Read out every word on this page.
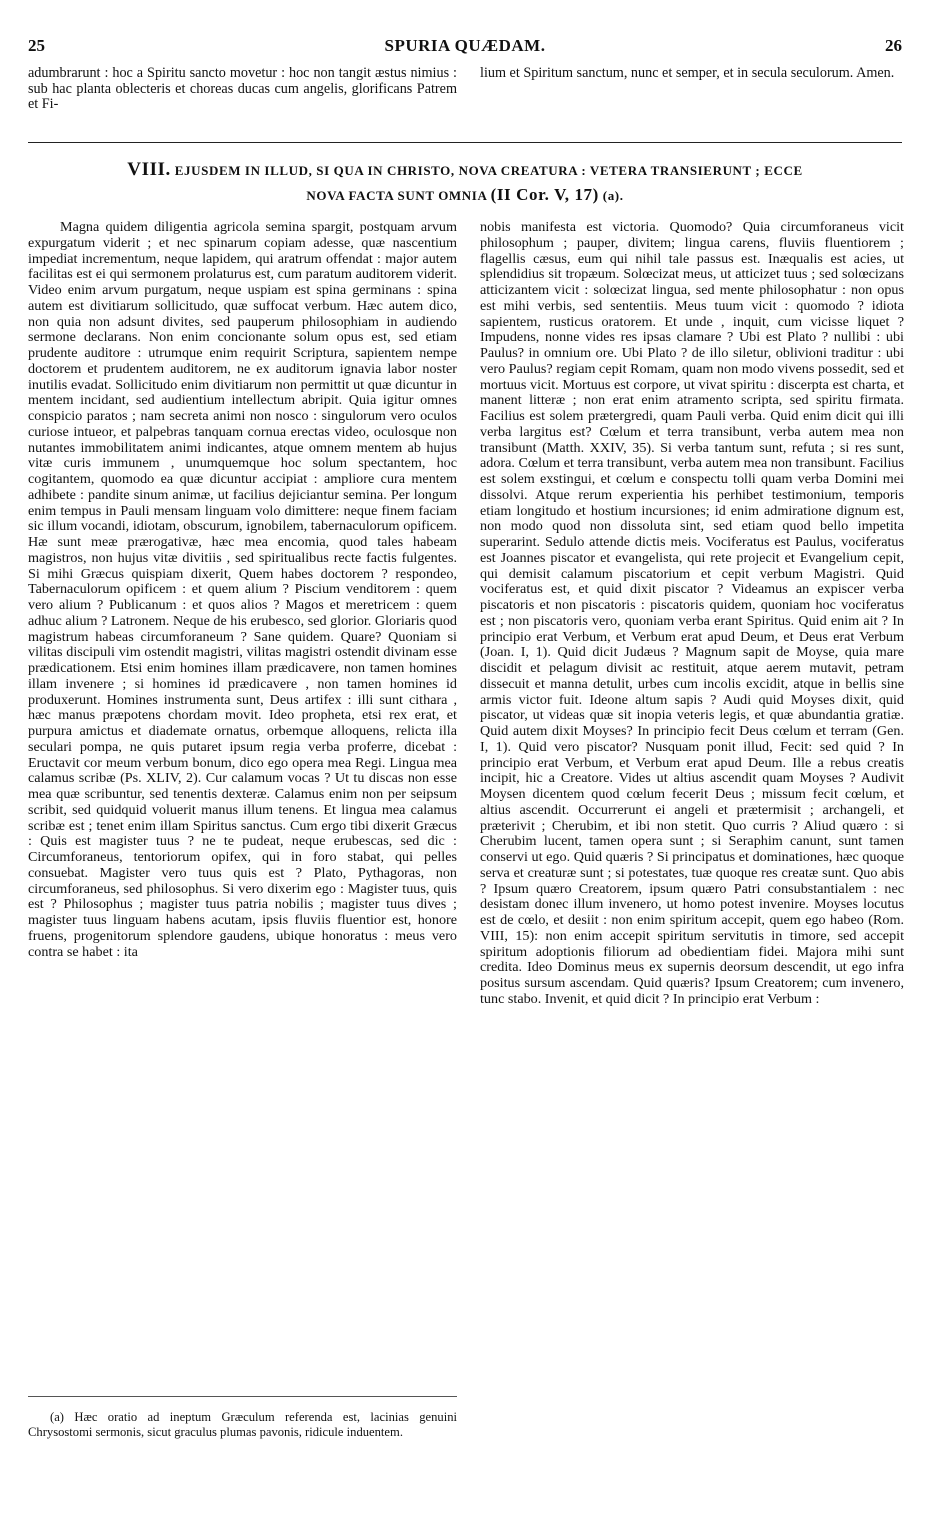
25	SPURIA QUÆDAM.	26

adumbrarunt : hoc a Spiritu sancto movetur : hoc non tangit æstus nimius : sub hac planta oblecteris et choreas ducas cum angelis, glorificans Patrem et Fi-

lium et Spiritum sanctum, nunc et semper, et in secula seculorum. Amen.

VIII. EJUSDEM IN ILLUD, SI QUA IN CHRISTO, NOVA CREATURA : VETERA TRANSIERUNT ; ECCE
NOVA FACTA SUNT OMNIA (II Cor. V, 17) (a).

Magna quidem diligentia agricola semina spargit, postquam arvum expurgatum viderit ; et nec spinarum copiam adesse, quæ nascentium impediat incrementum, neque lapidem, qui aratrum offendat : major autem facilitas est ei qui sermonem prolaturus est, cum paratum auditorem viderit. Video enim arvum purgatum, neque uspiam est spina germinans : spina autem est divitiarum sollicitudo, quæ suffocat verbum. Hæc autem dico, non quia non adsunt divites, sed pauperum philosophiam in audiendo sermone declarans. Non enim concionante solum opus est, sed etiam prudente auditore : utrumque enim requirit Scriptura, sapientem nempe doctorem et prudentem auditorem, ne ex auditorum ignavia labor noster inutilis evadat. Sollicitudo enim divitiarum non permittit ut quæ dicuntur in mentem incidant, sed audientium intellectum abripit. Quia igitur omnes conspicio paratos ; nam secreta animi non nosco : singulorum vero oculos curiose intueor, et palpebras tanquam cornua erectas video, oculosque non nutantes immobilitatem animi indicantes, atque omnem mentem ab hujus vitæ curis immunem , unumquemque hoc solum spectantem, hoc cogitantem, quomodo ea quæ dicuntur accipiat : ampliore cura mentem adhibete : pandite sinum animæ, ut facilius dejiciantur semina. Per longum enim tempus in Pauli mensam linguam volo dimittere: neque finem faciam sic illum vocandi, idiotam, obscurum, ignobilem, tabernaculorum opificem. Hæ sunt meæ prærogativæ, hæc mea encomia, quod tales habeam magistros, non hujus vitæ divitiis , sed spiritualibus recte factis fulgentes. Si mihi Græcus quispiam dixerit, Quem habes doctorem ? respondeo, Tabernaculorum opificem : et quem alium ? Piscium venditorem : quem vero alium ? Publicanum : et quos alios ? Magos et meretricem : quem adhuc alium ? Latronem. Neque de his erubesco, sed glorior. Gloriaris quod magistrum habeas circumforaneum ? Sane quidem. Quare? Quoniam si vilitas discipuli vim ostendit magistri, vilitas magistri ostendit divinam esse prædicationem. Etsi enim homines illam prædicavere, non tamen homines illam invenere ; si homines id prædicavere , non tamen homines id produxerunt. Homines instrumenta sunt, Deus artifex : illi sunt cithara , hæc manus præpotens chordam movit. Ideo propheta, etsi rex erat, et purpura amictus et diademate ornatus, orbemque alloquens, relicta illa seculari pompa, ne quis putaret ipsum regia verba proferre, dicebat : Eructavit cor meum verbum bonum, dico ego opera mea Regi. Lingua mea calamus scribæ (Ps. XLIV, 2). Cur calamum vocas ? Ut tu discas non esse mea quæ scribuntur, sed tenentis dexteræ. Calamus enim non per seipsum scribit, sed quidquid voluerit manus illum tenens. Et lingua mea calamus scribæ est ; tenet enim illam Spiritus sanctus. Cum ergo tibi dixerit Græcus : Quis est magister tuus ? ne te pudeat, neque erubescas, sed dic : Circumforaneus, tentoriorum opifex, qui in foro stabat, qui pelles consuebat. Magister vero tuus quis est ? Plato, Pythagoras, non circumforaneus, sed philosophus. Si vero dixerim ego : Magister tuus, quis est ? Philosophus ; magister tuus patria nobilis ; magister tuus dives ; magister tuus linguam habens acutam, ipsis fluviis fluentior est, honore fruens, progenitorum splendore gaudens, ubique honoratus : meus vero contra se habet : ita

nobis manifesta est victoria. Quomodo? Quia circumforaneus vicit philosophum ; pauper, divitem; lingua carens, fluviis fluentiorem ; flagellis cæsus, eum qui nihil tale passus est. Inæqualis est acies, ut splendidius sit tropæum. Solœcizat meus, ut atticizet tuus ; sed solœcizans atticizantem vicit : solœcizat lingua, sed mente philosophatur : non opus est mihi verbis, sed sententiis. Meus tuum vicit : quomodo ? idiota sapientem, rusticus oratorem. Et unde , inquit, cum vicisse liquet ? Impudens, nonne vides res ipsas clamare ? Ubi est Plato ? nullibi : ubi Paulus? in omnium ore. Ubi Plato ? de illo siletur, oblivioni traditur : ubi vero Paulus? regiam cepit Romam, quam non modo vivens possedit, sed et mortuus vicit. Mortuus est corpore, ut vivat spiritu : discerpta est charta, et manent litteræ ; non erat enim atramento scripta, sed spiritu firmata. Facilius est solem prætergredi, quam Pauli verba. Quid enim dicit qui illi verba largitus est? Cœlum et terra transibunt, verba autem mea non transibunt (Matth. XXIV, 35). Si verba tantum sunt, refuta ; si res sunt, adora. Cœlum et terra transibunt, verba autem mea non transibunt. Facilius est solem exstingui, et cœlum e conspectu tolli quam verba Domini mei dissolvi. Atque rerum experientia his perhibet testimonium, temporis etiam longitudo et hostium incursiones; id enim admiratione dignum est, non modo quod non dissoluta sint, sed etiam quod bello impetita superarint. Sedulo attende dictis meis. Vociferatus est Paulus, vociferatus est Joannes piscator et evangelista, qui rete projecit et Evangelium cepit, qui demisit calamum piscatorium et cepit verbum Magistri. Quid vociferatus est, et quid dixit piscator ? Videamus an expiscer verba piscatoris et non piscatoris : piscatoris quidem, quoniam hoc vociferatus est ; non piscatoris vero, quoniam verba erant Spiritus. Quid enim ait ? In principio erat Verbum, et Verbum erat apud Deum, et Deus erat Verbum (Joan. I, 1). Quid dicit Judæus ? Magnum sapit de Moyse, quia mare discidit et pelagum divisit ac restituit, atque aerem mutavit, petram dissecuit et manna detulit, urbes cum incolis excidit, atque in bellis sine armis victor fuit. Ideone altum sapis ? Audi quid Moyses dixit, quid piscator, ut videas quæ sit inopia veteris legis, et quæ abundantia gratiæ. Quid autem dixit Moyses? In principio fecit Deus cœlum et terram (Gen. I, 1). Quid vero piscator? Nusquam ponit illud, Fecit: sed quid ? In principio erat Verbum, et Verbum erat apud Deum. Ille a rebus creatis incipit, hic a Creatore. Vides ut altius ascendit quam Moyses ? Audivit Moysen dicentem quod cœlum fecerit Deus ; missum fecit cœlum, et altius ascendit. Occurrerunt ei angeli et prætermisit ; archangeli, et præterivit ; Cherubim, et ibi non stetit. Quo curris ? Aliud quæro : si Cherubim lucent, tamen opera sunt ; si Seraphim canunt, sunt tamen conservi ut ego. Quid quæris ? Si principatus et dominationes, hæc quoque serva et creaturæ sunt ; si potestates, tuæ quoque res creatæ sunt. Quo abis ? Ipsum quæro Creatorem, ipsum quæro Patri consubstantialem : nec desistam donec illum invenero, ut homo potest invenire. Moyses locutus est de cœlo, et desiit : non enim spiritum accepit, quem ego habeo (Rom. VIII, 15): non enim accepit spiritum servitutis in timore, sed accepit spiritum adoptionis filiorum ad obedientiam fidei. Majora mihi sunt credita. Ideo Dominus meus ex supernis deorsum descendit, ut ego infra positus sursum ascendam. Quid quæris? Ipsum Creatorem; cum invenero, tunc stabo. Invenit, et quid dicit ? In principio erat Verbum :

(a) Hæc oratio ad ineptum Græculum referenda est, lacinias genuini Chrysostomi sermonis, sicut graculus plumas pavonis, ridicule induentem.
